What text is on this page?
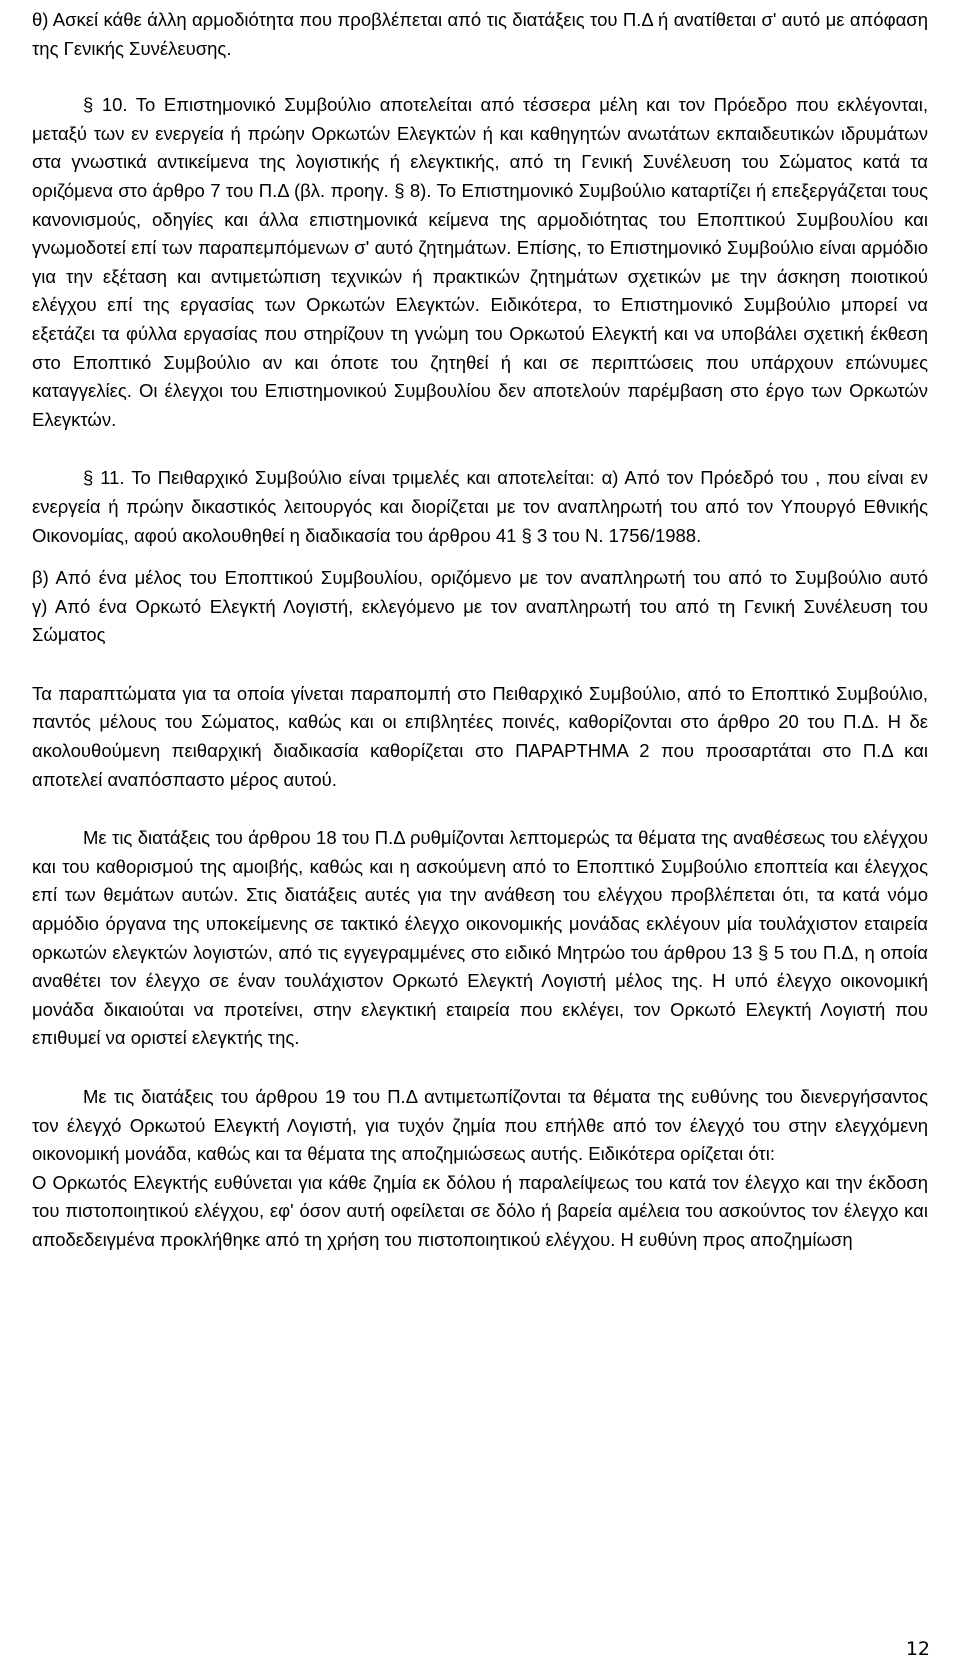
θ) Ασκεί κάθε άλλη αρμοδιότητα που προβλέπεται από τις διατάξεις του Π.Δ ή ανατίθεται σ' αυτό με απόφαση της Γενικής Συνέλευσης.

§ 10. Το Επιστημονικό Συμβούλιο αποτελείται από τέσσερα μέλη και τον Πρόεδρο που εκλέγονται, μεταξύ των εν ενεργεία ή πρώην Ορκωτών Ελεγκτών ή και καθηγητών ανωτάτων εκπαιδευτικών ιδρυμάτων στα γνωστικά αντικείμενα της λογιστικής ή ελεγκτικής, από τη Γενική Συνέλευση του Σώματος κατά τα οριζόμενα στο άρθρο 7 του Π.Δ (βλ. προηγ. § 8). Το Επιστημονικό Συμβούλιο καταρτίζει ή επεξεργάζεται τους κανονισμούς, οδηγίες και άλλα επιστημονικά κείμενα της αρμοδιότητας του Εποπτικού Συμβουλίου και γνωμοδοτεί επί των παραπεμπόμενων σ' αυτό ζητημάτων. Επίσης, το Επιστημονικό Συμβούλιο είναι αρμόδιο για την εξέταση και αντιμετώπιση τεχνικών ή πρακτικών ζητημάτων σχετικών με την άσκηση ποιοτικού ελέγχου επί της εργασίας των Ορκωτών Ελεγκτών. Ειδικότερα, το Επιστημονικό Συμβούλιο μπορεί να εξετάζει τα φύλλα εργασίας που στηρίζουν τη γνώμη του Ορκωτού Ελεγκτή και να υποβάλει σχετική έκθεση στο Εποπτικό Συμβούλιο αν και όποτε του ζητηθεί ή και σε περιπτώσεις που υπάρχουν επώνυμες καταγγελίες. Οι έλεγχοι του Επιστημονικού Συμβουλίου δεν αποτελούν παρέμβαση στο έργο των Ορκωτών Ελεγκτών.

§ 11. Το Πειθαρχικό Συμβούλιο είναι τριμελές και αποτελείται: α) Από τον Πρόεδρό του , που είναι εν ενεργεία ή πρώην δικαστικός λειτουργός και διορίζεται με τον αναπληρωτή του από τον Υπουργό Εθνικής Οικονομίας, αφού ακολουθηθεί η διαδικασία του άρθρου 41 § 3 του Ν. 1756/1988.

β) Από ένα μέλος του Εποπτικού Συμβουλίου, οριζόμενο με τον αναπληρωτή του από το Συμβούλιο αυτό

γ) Από ένα Ορκωτό Ελεγκτή Λογιστή, εκλεγόμενο με τον αναπληρωτή του από τη Γενική Συνέλευση του Σώματος

Τα παραπτώματα για τα οποία γίνεται παραπομπή στο Πειθαρχικό Συμβούλιο, από το Εποπτικό Συμβούλιο, παντός μέλους του Σώματος, καθώς και οι επιβλητέες ποινές, καθορίζονται στο άρθρο 20 του Π.Δ. Η δε ακολουθούμενη πειθαρχική διαδικασία καθορίζεται στο ΠΑΡΑΡΤΗΜΑ 2 που προσαρτάται στο Π.Δ και αποτελεί αναπόσπαστο μέρος αυτού.

Με τις διατάξεις του άρθρου 18 του Π.Δ ρυθμίζονται λεπτομερώς τα θέματα της αναθέσεως του ελέγχου και του καθορισμού της αμοιβής, καθώς και η ασκούμενη από το Εποπτικό Συμβούλιο εποπτεία και έλεγχος επί των θεμάτων αυτών. Στις διατάξεις αυτές για την ανάθεση του ελέγχου προβλέπεται ότι, τα κατά νόμο αρμόδιο όργανα της υποκείμενης σε τακτικό έλεγχο οικονομικής μονάδας εκλέγουν μία τουλάχιστον εταιρεία ορκωτών ελεγκτών λογιστών, από τις εγγεγραμμένες στο ειδικό Μητρώο του άρθρου 13 § 5 του Π.Δ, η οποία αναθέτει τον έλεγχο σε έναν τουλάχιστον Ορκωτό Ελεγκτή Λογιστή μέλος της. Η υπό έλεγχο οικονομική μονάδα δικαιούται να προτείνει, στην ελεγκτική εταιρεία που εκλέγει, τον Ορκωτό Ελεγκτή Λογιστή που επιθυμεί να οριστεί ελεγκτής της.

Με τις διατάξεις του άρθρου 19 του Π.Δ αντιμετωπίζονται τα θέματα της ευθύνης του διενεργήσαντος τον έλεγχό Ορκωτού Ελεγκτή Λογιστή, για τυχόν ζημία που επήλθε από τον έλεγχό του στην ελεγχόμενη οικονομική μονάδα, καθώς και τα θέματα της αποζημιώσεως αυτής. Ειδικότερα ορίζεται ότι:

Ο Ορκωτός Ελεγκτής ευθύνεται για κάθε ζημία εκ δόλου ή παραλείψεως του κατά τον έλεγχο και την έκδοση του πιστοποιητικού ελέγχου, εφ' όσον αυτή οφείλεται σε δόλο ή βαρεία αμέλεια του ασκούντος τον έλεγχο και αποδεδειγμένα προκλήθηκε από τη χρήση του πιστοποιητικού ελέγχου. Η ευθύνη προς αποζημίωση

12
